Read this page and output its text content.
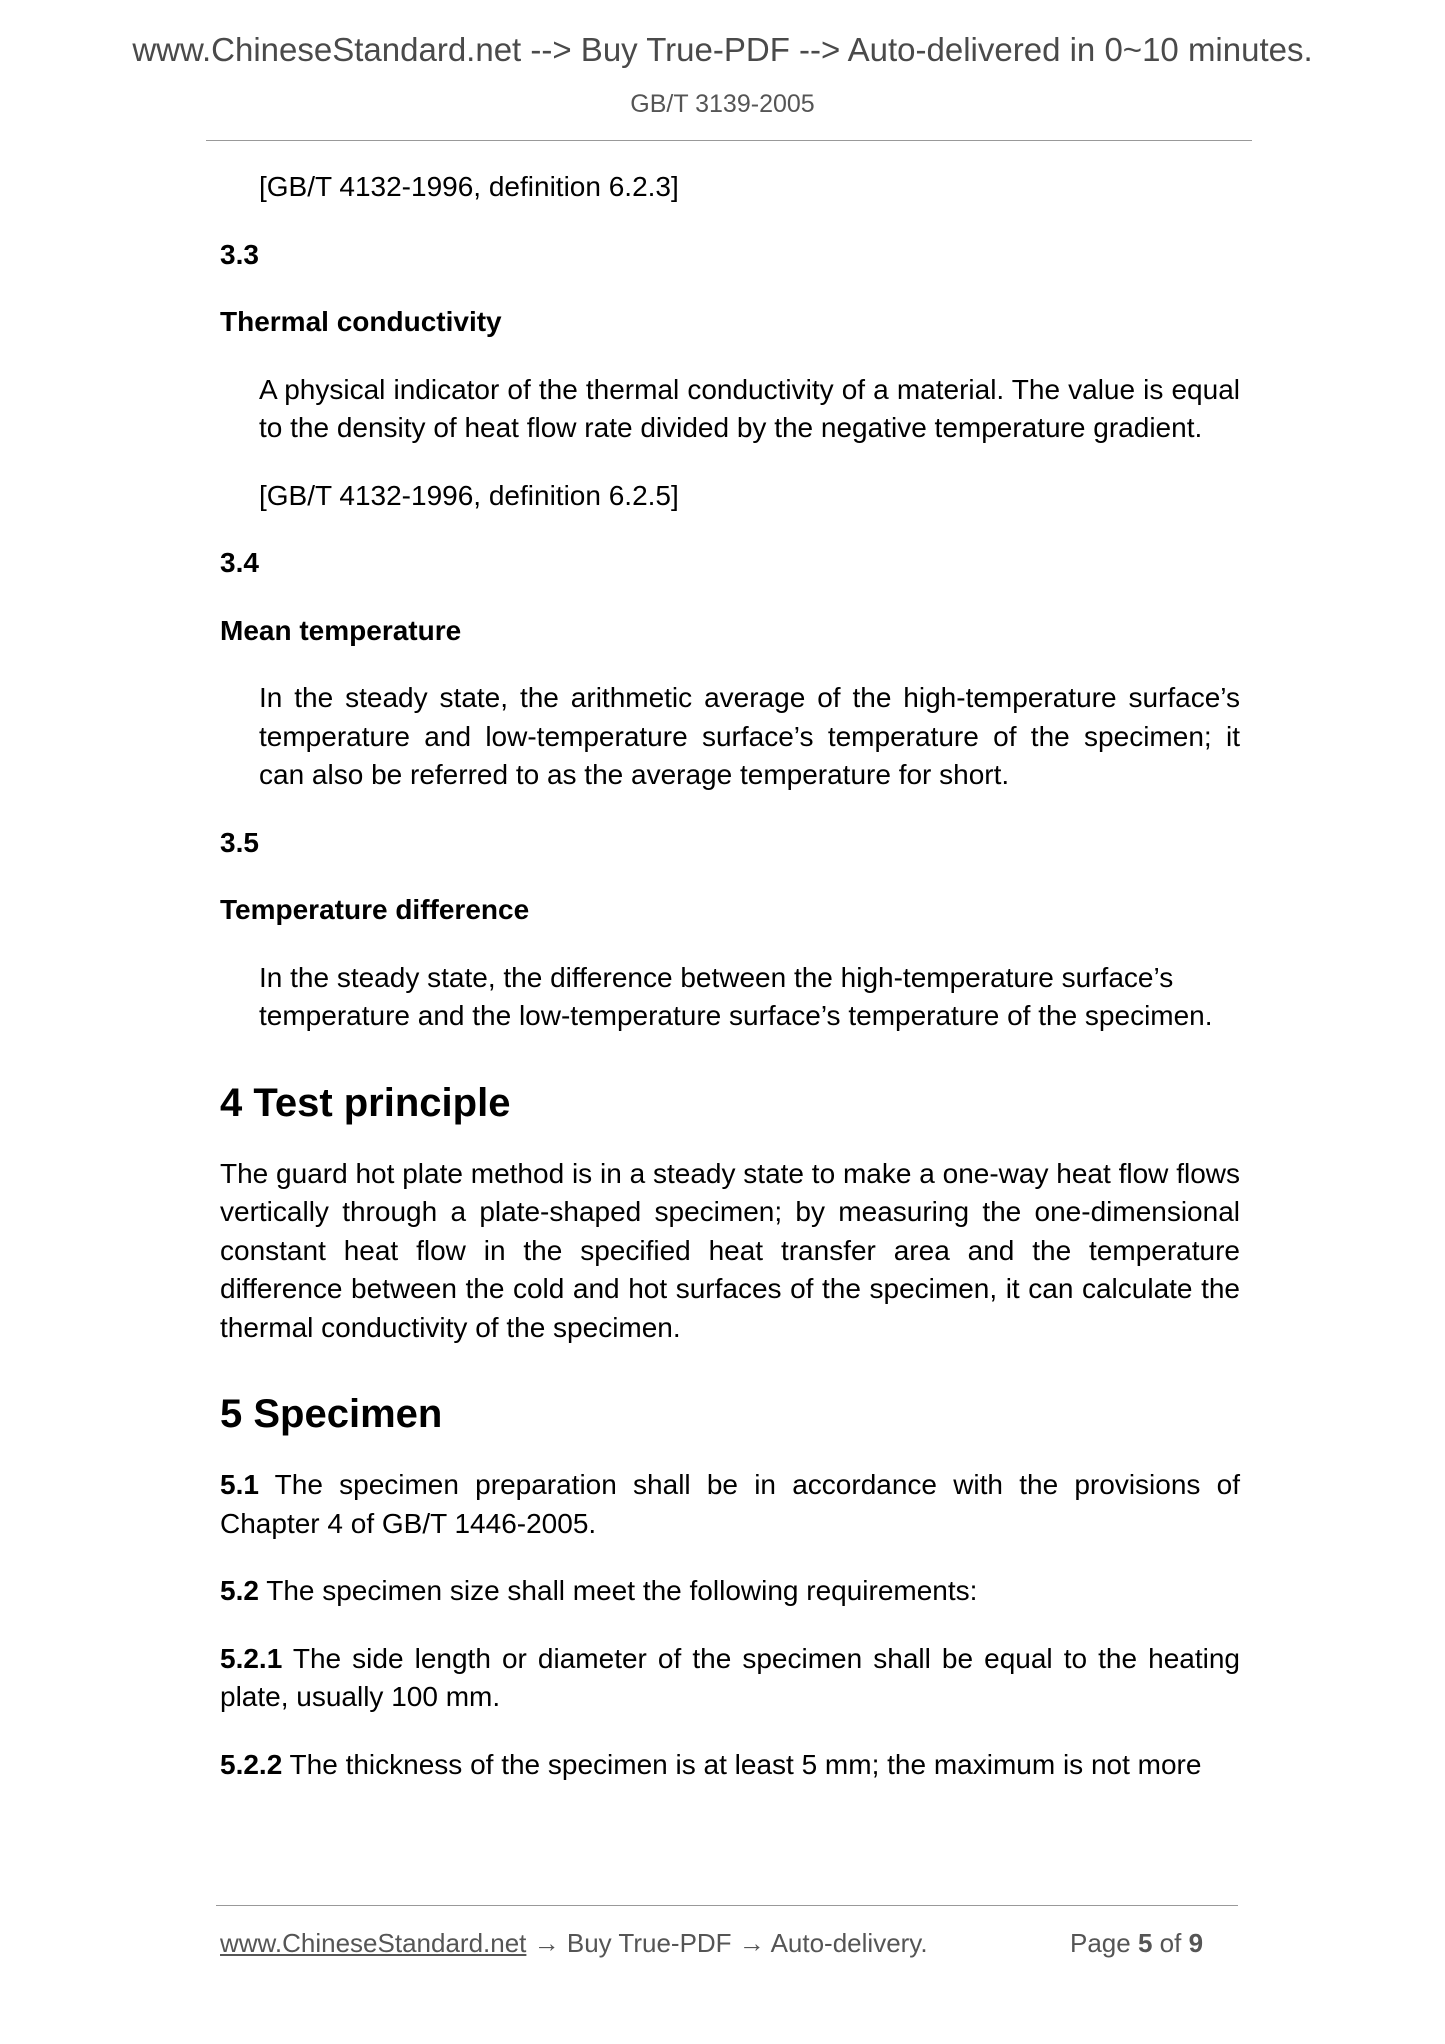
www.ChineseStandard.net --> Buy True-PDF --> Auto-delivered in 0~10 minutes.
GB/T 3139-2005

[GB/T 4132-1996, definition 6.2.3]

3.3

Thermal conductivity

A physical indicator of the thermal conductivity of a material. The value is equal to the density of heat flow rate divided by the negative temperature gradient.

[GB/T 4132-1996, definition 6.2.5]

3.4

Mean temperature

In the steady state, the arithmetic average of the high-temperature surface’s temperature and low-temperature surface’s temperature of the specimen; it can also be referred to as the average temperature for short.

3.5

Temperature difference

In the steady state, the difference between the high-temperature surface’s temperature and the low-temperature surface’s temperature of the specimen.

4 Test principle

The guard hot plate method is in a steady state to make a one-way heat flow flows vertically through a plate-shaped specimen; by measuring the one-dimensional constant heat flow in the specified heat transfer area and the temperature difference between the cold and hot surfaces of the specimen, it can calculate the thermal conductivity of the specimen.

5 Specimen

5.1 The specimen preparation shall be in accordance with the provisions of Chapter 4 of GB/T 1446-2005.

5.2 The specimen size shall meet the following requirements:

5.2.1 The side length or diameter of the specimen shall be equal to the heating plate, usually 100 mm.

5.2.2 The thickness of the specimen is at least 5 mm; the maximum is not more

www.ChineseStandard.net → Buy True-PDF → Auto-delivery.	Page 5 of 9
